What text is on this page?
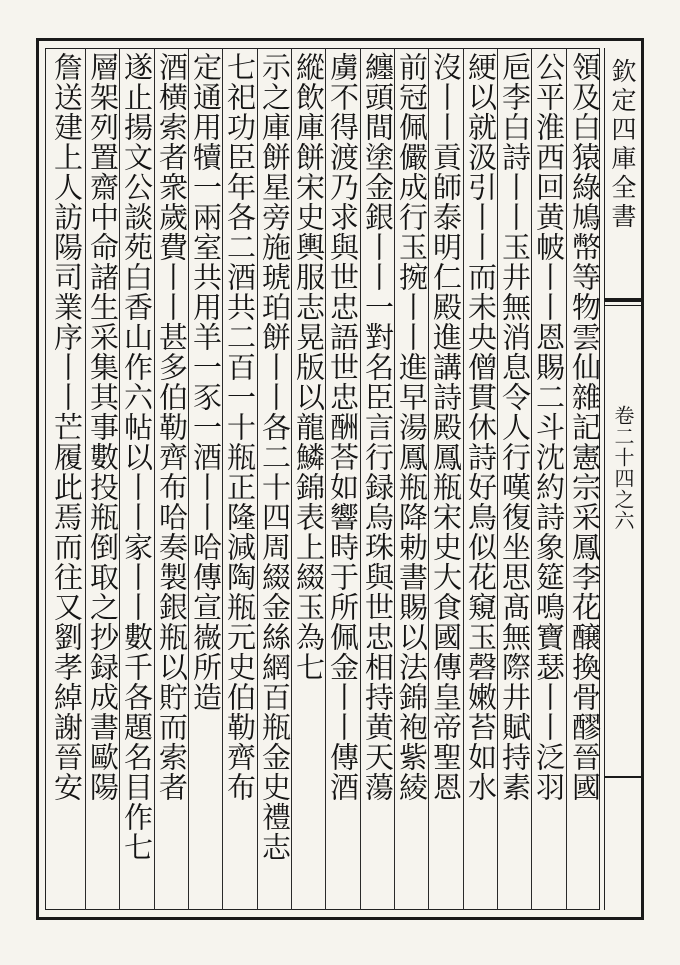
欽定四庫全書
卷二十四之六
領及白猿綠鳩幣等物雲仙雜記憲宗采鳳李花醸換骨醪晉國
公平淮西回黄帔丨丨恩賜二斗沈約詩象筵鳴寶瑟丨丨泛羽
巵李白詩丨丨玉井無消息令人行嘆復坐思髙無際井賦持素
綆以就汲引丨丨而未央僧貫休詩好鳥似花窺玉磬嫩苔如水
沒丨丨貢師泰明仁殿進講詩殿鳳瓶宋史大食國傳皇帝聖恩
前冠佩儼成行玉捥丨丨進早湯鳳瓶降勅書賜以法錦袍紫綾
纏頭間塗金銀丨丨一對名臣言行録烏珠與世忠相持黄天蕩
虜不得渡乃求與世忠語世忠酬荅如響時于所佩金丨丨傳酒
縱飲庫餅宋史輿服志晃版以龍鱗錦表上綴玉為七
示之庫餅星旁施琥珀餅丨丨各二十四周綴金絲網百瓶金史禮志
七祀功臣年各二酒共二百一十瓶正隆減陶瓶元史伯勒齊布
定通用犢一兩室共用羊一豕一酒丨丨哈傳宣嶶所造
酒横索者衆歲費丨丨甚多伯勒齊布哈奏製銀瓶以貯而索者
遂止揚文公談苑白香山作六帖以丨丨家丨丨數千各題名目作七
層架列置齋中命諸生采集其事數投瓶倒取之抄録成書歐陽
詹送建上人訪陽司業序丨丨芒履此焉而往又劉孝綽謝晉安
